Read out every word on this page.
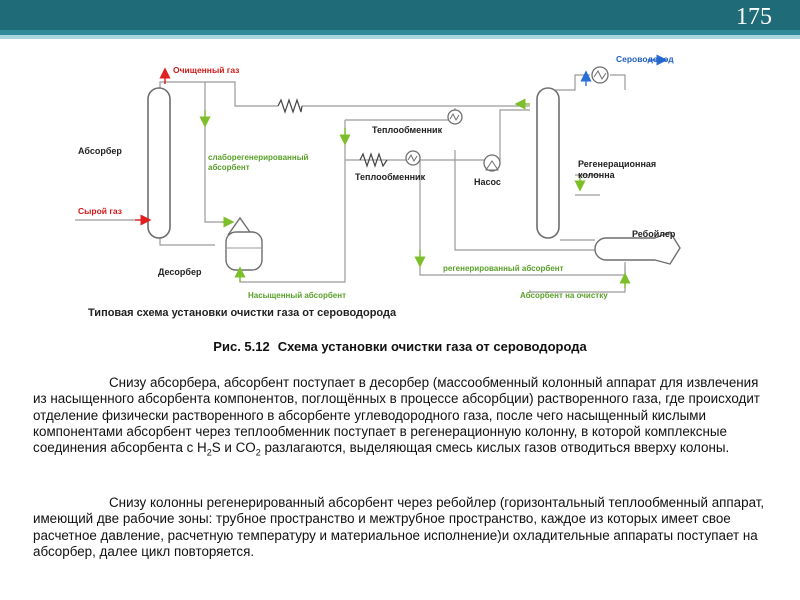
175
Очищенный газ
Сероводород
Абсорбер
Теплообменник
слаборегенерированный
абсорбент
Теплообменник	Насос
Регенерационная
колонна
Сырой газ
Ребойлер
Десорбер	регенерированный абсорбент
Насыщенный абсорбент	Абсорбент на очистку
Типовая схема установки очистки газа от сероводорода
Рис. 5.12 Схема установки очистки газа от сероводорода

Снизу абсорбера, абсорбент поступает в десорбер (массообменный колонный аппарат для извлечения из насыщенного абсорбента компонентов, поглощённых в процессе абсорбции) растворенного газа, где происходит отделение физически растворенного в абсорбенте углеводородного газа, после чего насыщенный кислыми компонентами абсорбент через теплообменник поступает в регенерационную колонну, в которой комплексные соединения абсорбента с $H_2S$ и $CO_2$ разлагаются, выделяющая смесь кислых газов отводиться вверху колоны.

Снизу колонны регенерированный абсорбент через ребойлер (горизонтальный теплообменный аппарат, имеющий две рабочие зоны: трубное пространство и межтрубное пространство, каждое из которых имеет свое расчетное давление, расчетную температуру и материальное исполнение)и охладительные аппараты поступает на абсорбер, далее цикл повторяется.
